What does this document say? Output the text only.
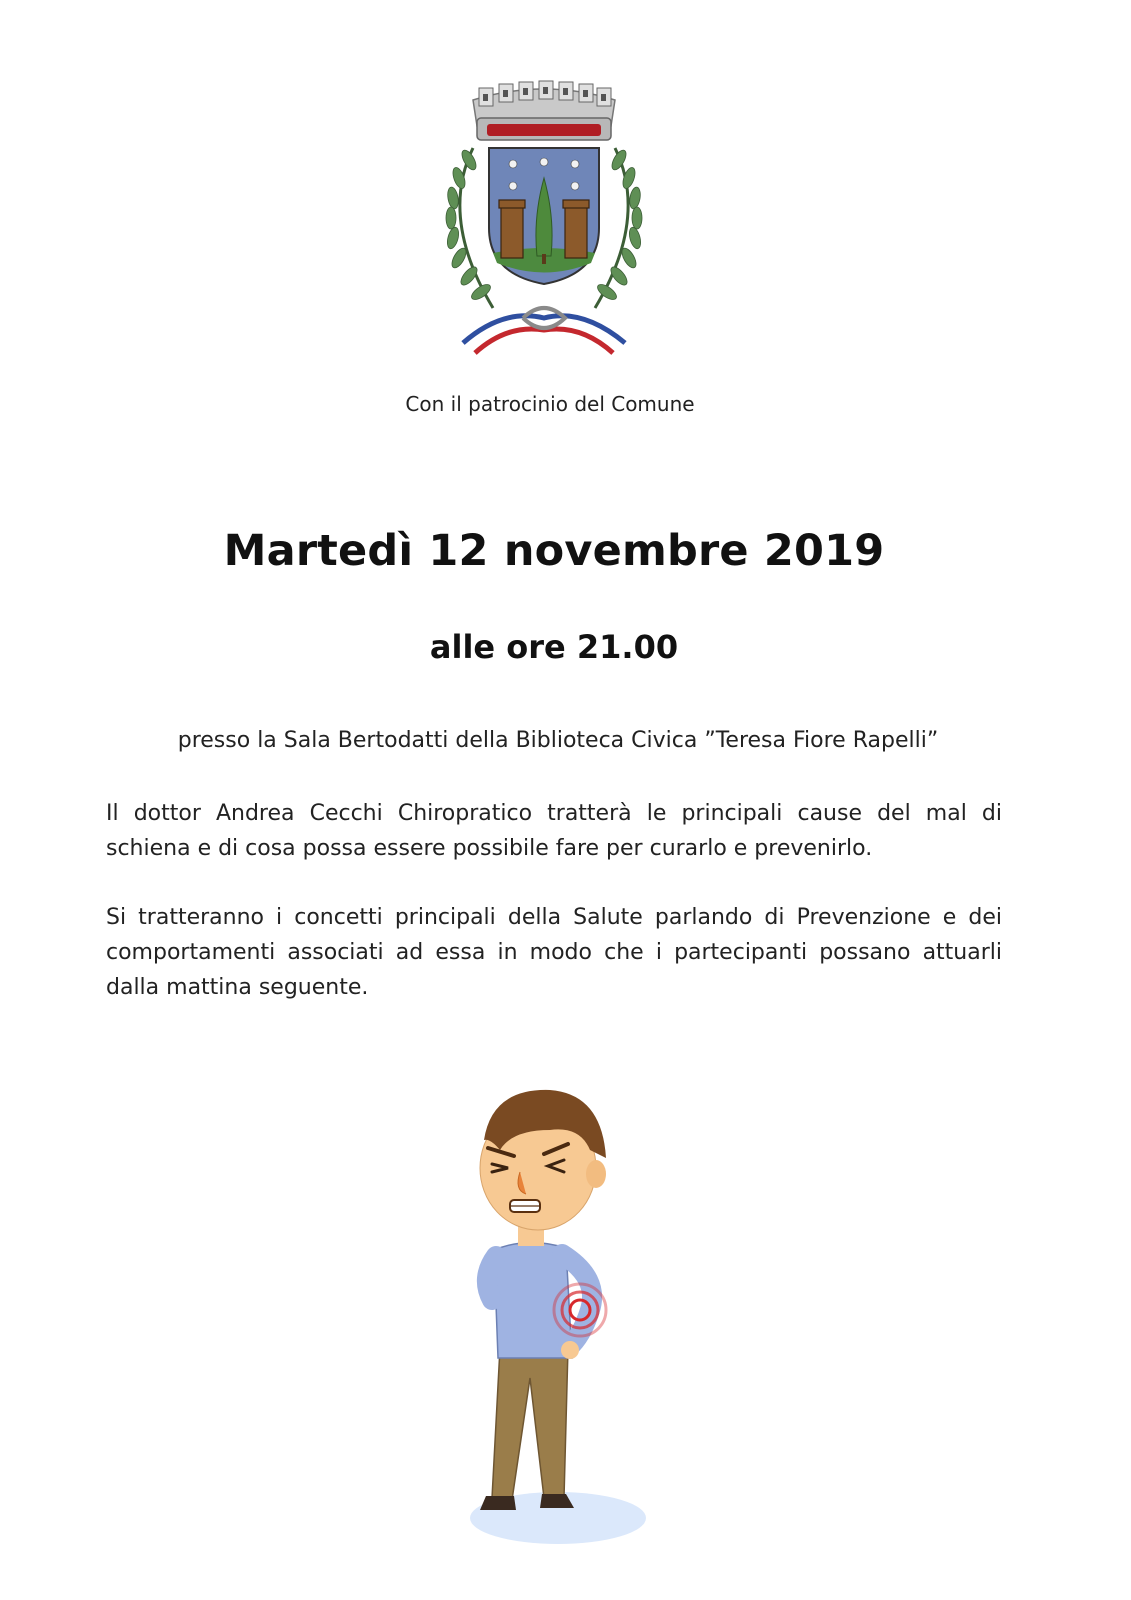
Con il patrocinio del Comune
Martedì 12 novembre 2019
alle ore 21.00
presso la Sala Bertodatti della Biblioteca Civica ”Teresa Fiore Rapelli”
Il dottor Andrea Cecchi Chiropratico tratterà le principali cause del mal di schiena e di cosa possa essere possibile fare per curarlo e prevenirlo.
Si tratteranno i concetti principali della Salute parlando di Prevenzione e dei comportamenti associati ad essa in modo che i partecipanti possano attuarli dalla mattina seguente.
